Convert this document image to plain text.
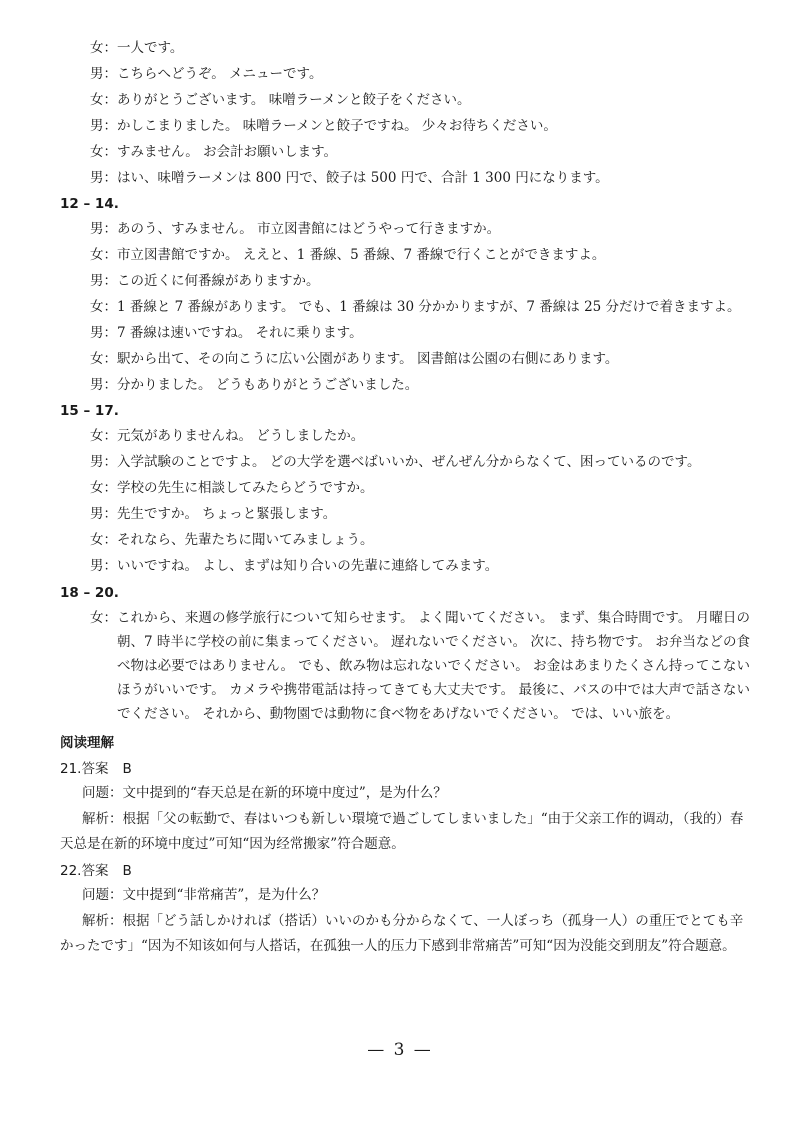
女： 一人です。
男： こちらへどうぞ。 メニューです。
女： ありがとうございます。 味噌ラーメンと餃子をください。
男： かしこまりました。 味噌ラーメンと餃子ですね。 少々お待ちください。
女： すみません。 お会計お願いします。
男： はい、味噌ラーメンは 800 円で、餃子は 500 円で、合計 1 300 円になります。
12 – 14.
男： あのう、すみません。 市立図書館にはどうやって行きますか。
女： 市立図書館ですか。 ええと、1 番線、5 番線、7 番線で行くことができますよ。
男： この近くに何番線がありますか。
女： 1 番線と 7 番線があります。 でも、1 番線は 30 分かかりますが、7 番線は 25 分だけで着きますよ。
男： 7 番線は速いですね。 それに乗ります。
女： 駅から出て、その向こうに広い公園があります。 図書館は公園の右側にあります。
男： 分かりました。 どうもありがとうございました。
15 – 17.
女： 元気がありませんね。 どうしましたか。
男： 入学試験のことですよ。 どの大学を選べばいいか、ぜんぜん分からなくて、困っているのです。
女： 学校の先生に相談してみたらどうですか。
男： 先生ですか。 ちょっと緊張します。
女： それなら、先輩たちに聞いてみましょう。
男： いいですね。 よし、まずは知り合いの先輩に連絡してみます。
18 – 20.
女： これから、来週の修学旅行について知らせます。 よく聞いてください。 まず、集合時間です。 月曜日の朝、7 時半に学校の前に集まってください。 遅れないでください。 次に、持ち物です。 お弁当などの食べ物は必要ではありません。 でも、飲み物は忘れないでください。 お金はあまりたくさん持ってこないほうがいいです。 カメラや携帯電話は持ってきても大丈夫です。 最後に、バスの中では大声で話さないでください。 それから、動物園では動物に食べ物をあげないでください。 では、いい旅を。
阅读理解
21.答案 B
问题：文中提到的“春天总是在新的环境中度过”，是为什么？
解析：根据「父の転勤で、春はいつも新しい環境で過ごしてしまいました」“由于父亲工作的调动，（我的）春
天总是在新的环境中度过”可知“因为经常搬家”符合题意。
22.答案 B
问题：文中提到“非常痛苦”，是为什么？
解析：根据「どう話しかければ（搭话）いいのかも分からなくて、一人ぼっち（孤身一人）の重圧でとても辛
かったです」“因为不知该如何与人搭话，在孤独一人的压力下感到非常痛苦”可知“因为没能交到朋友”符合题意。
— 3 —
